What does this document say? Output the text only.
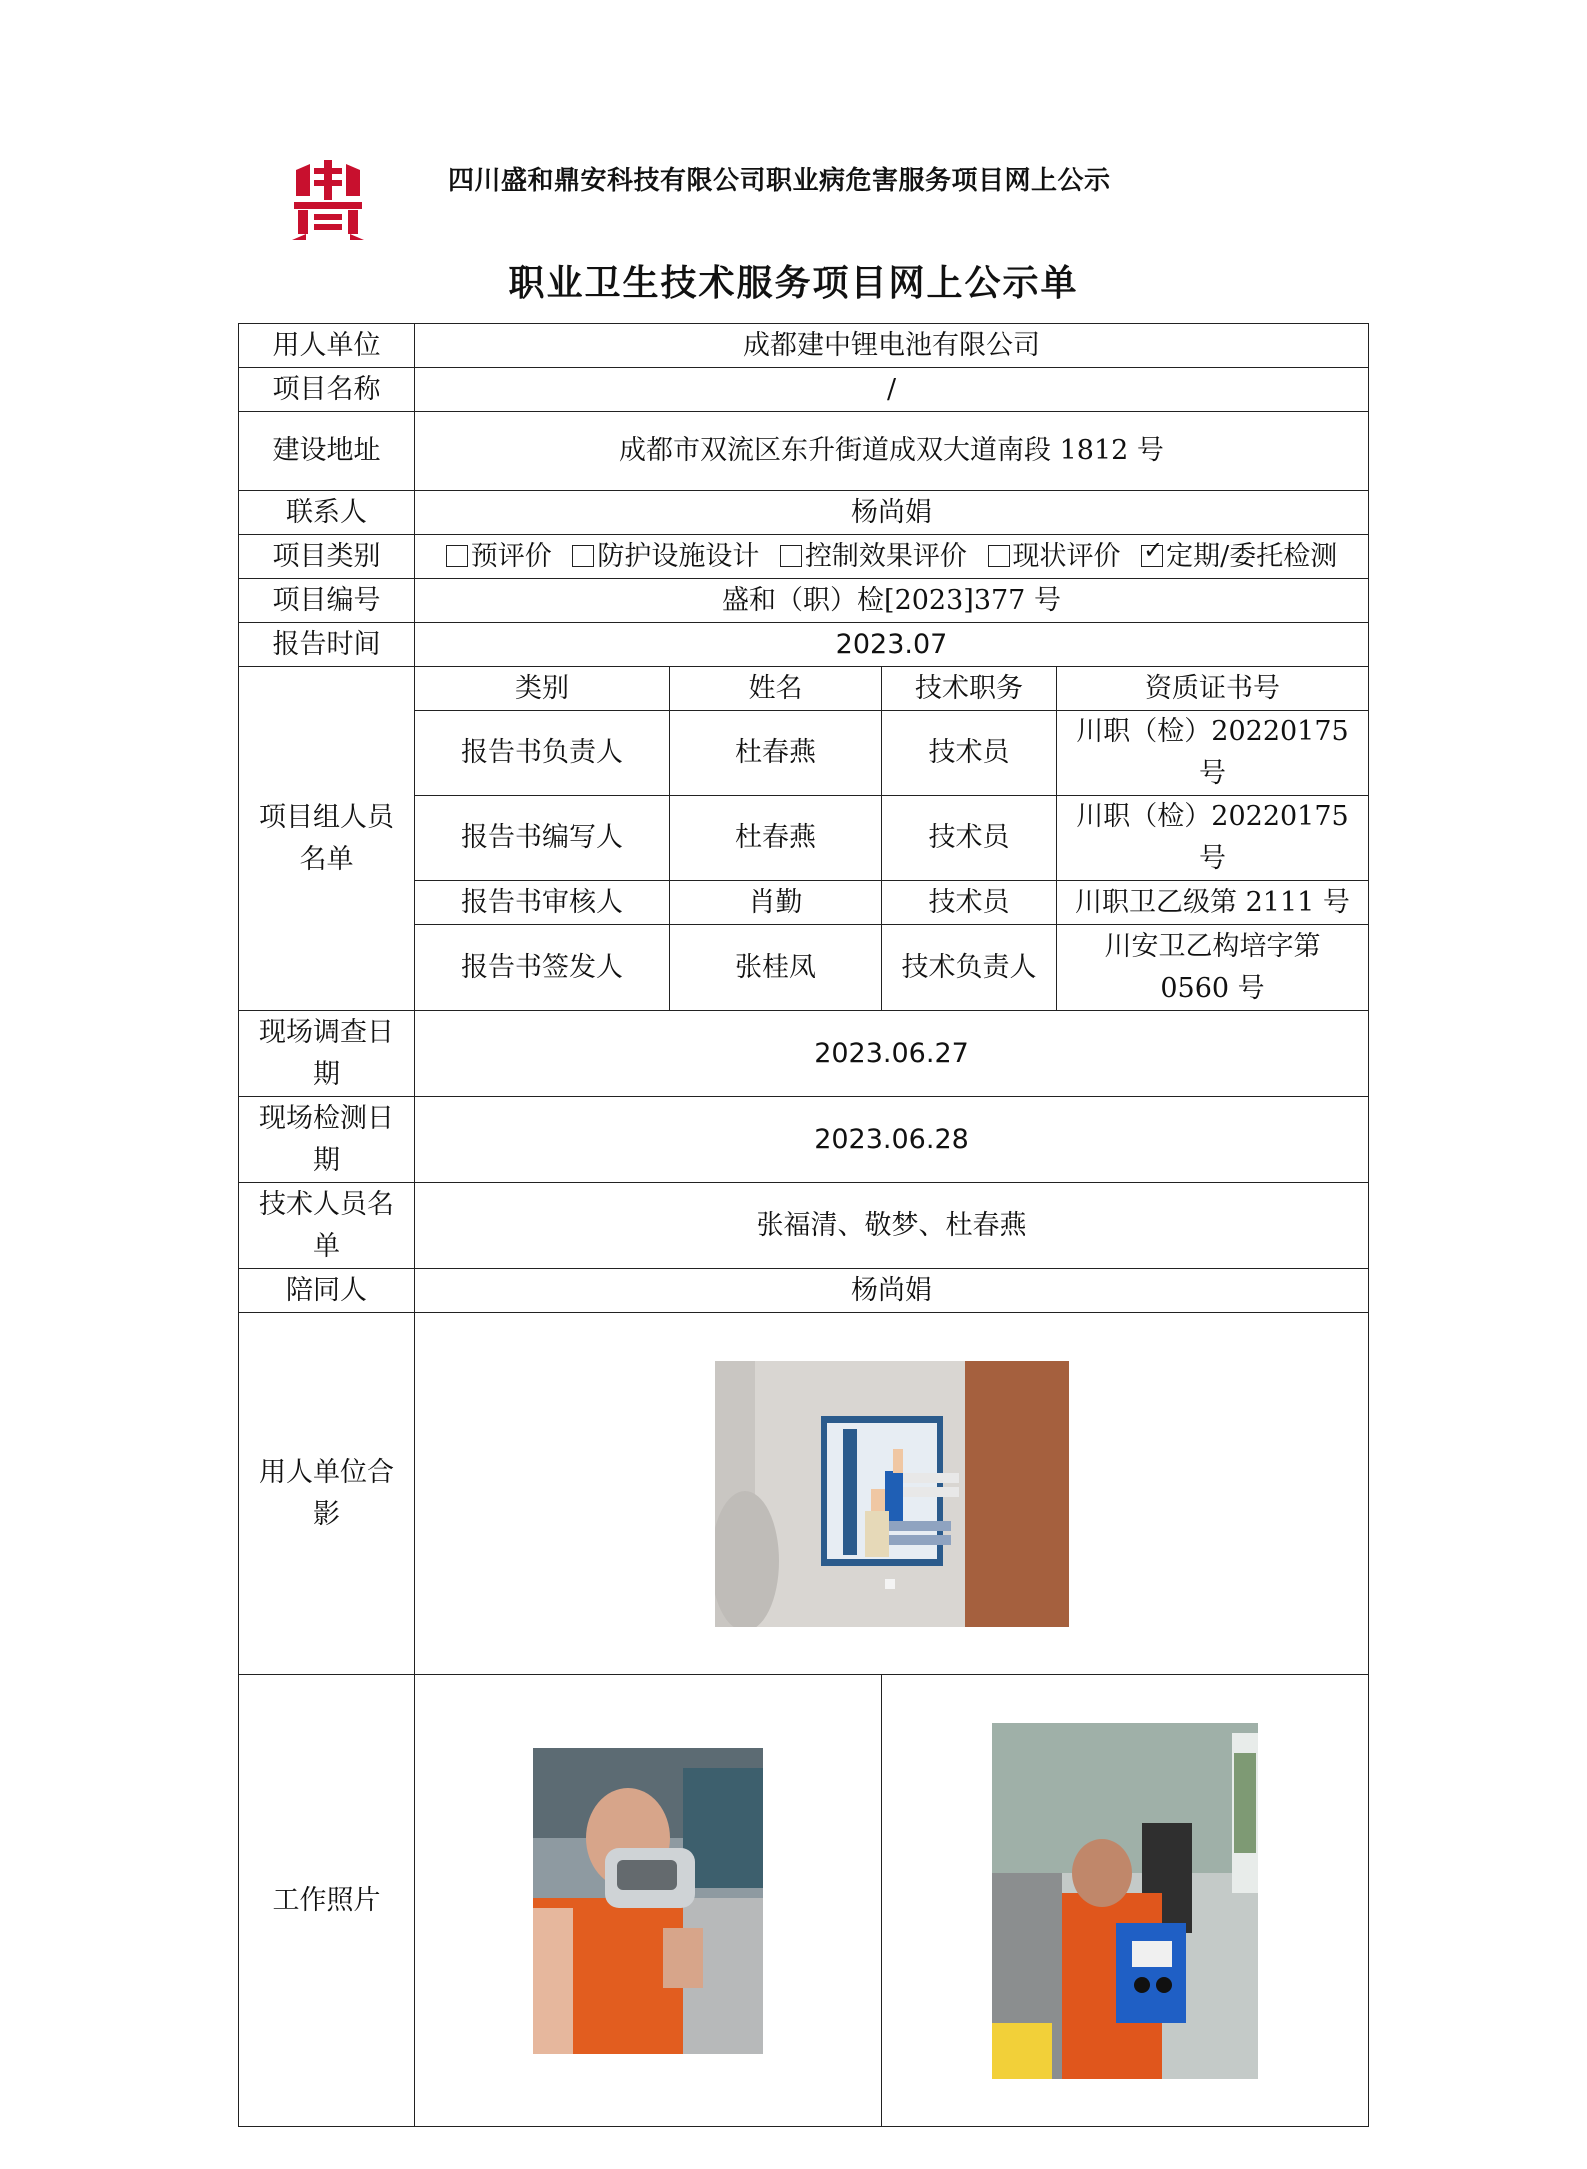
四川盛和鼎安科技有限公司职业病危害服务项目网上公示
职业卫生技术服务项目网上公示单
用人单位	成都建中锂电池有限公司			
项目名称	/			
建设地址	成都市双流区东升街道成双大道南段 1812 号			
联系人	杨尚娟			
项目类别	预评价 防护设施设计 控制效果评价 现状评价 ✓ 定期/委托检测
项目编号	盛和（职）检[2023]377 号			
报告时间	2023.07			

项目组人员
名单	类别	姓名	技术职务	资质证书号
	报告书负责人	杜春燕	技术员	川职（检）20220175 号
	报告书编写人	杜春燕	技术员	川职（检）20220175 号
	报告书审核人	肖勤	技术员	川职卫乙级第 2111 号
	报告书签发人	张桂凤	技术负责人	川安卫乙构培字第
0560 号

现场调查日
期	2023.06.27			

现场检测日
期	2023.06.28			

技术人员名
单	张福清、敬梦、杜春燕			
陪同人	杨尚娟			

用人单位合
影

工作照片		
